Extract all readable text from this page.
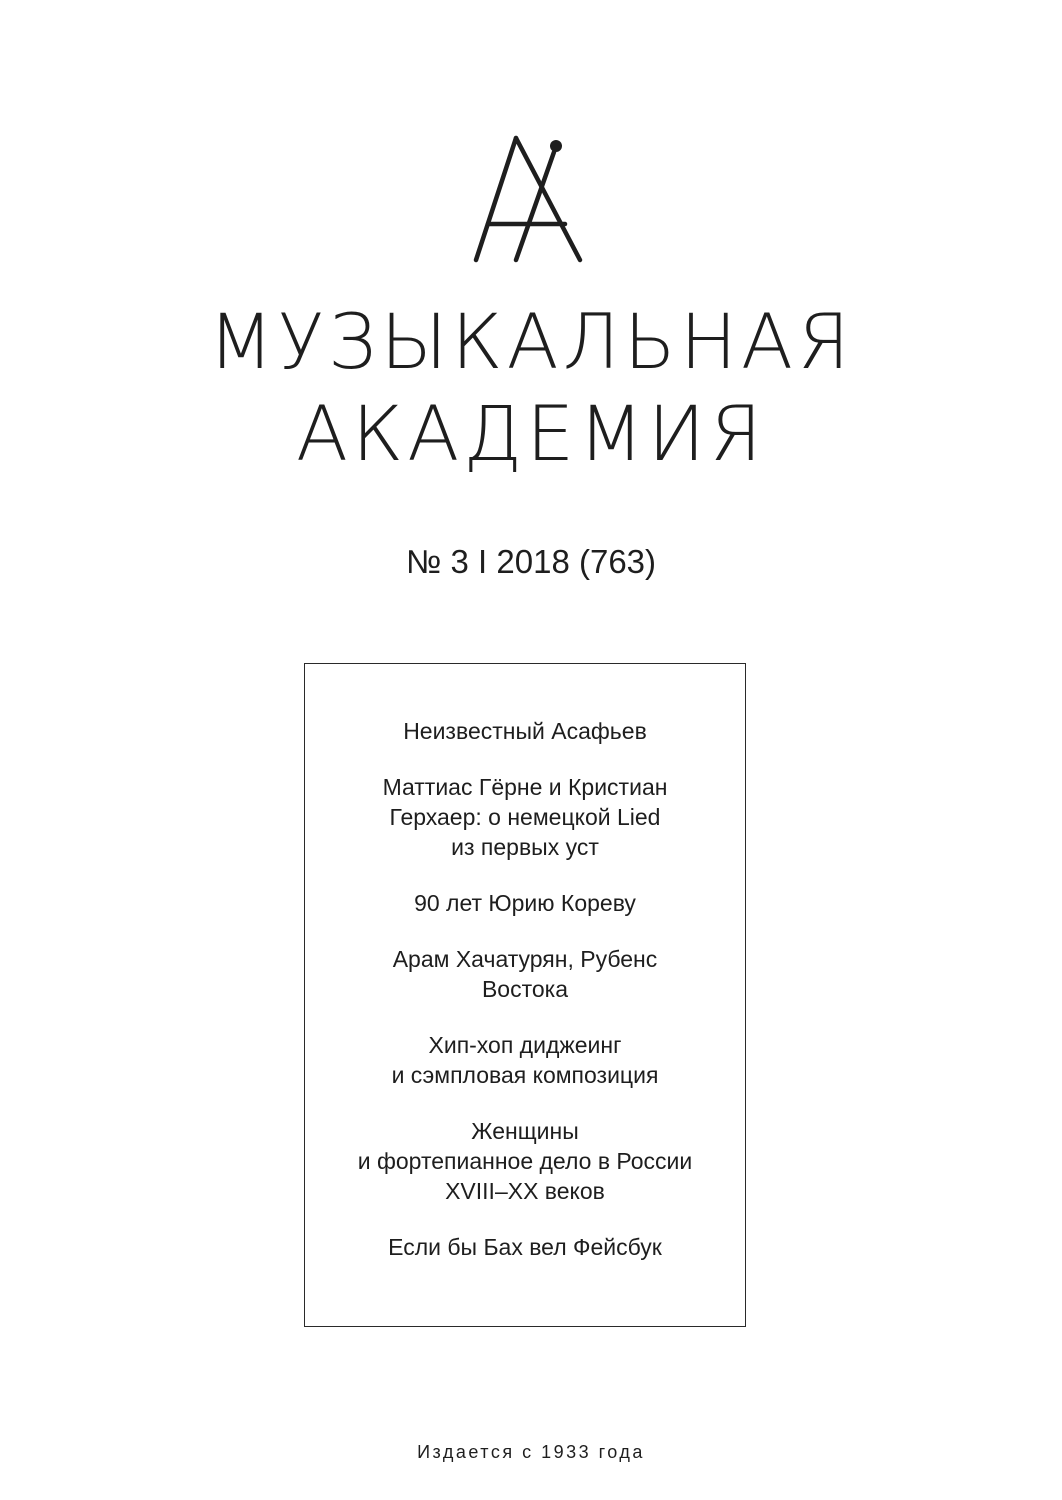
МУЗЫКАЛЬНАЯ
АКАДЕМИЯ
№ 3 I 2018 (763)
Неизвестный Асафьев
Маттиас Гёрне и Кристиан
Герхаер: о немецкой Lied
из первых уст
90 лет Юрию Кореву
Арам Хачатурян, Рубенс
Востока
Хип-хоп диджеинг
и сэмпловая композиция
Женщины
и фортепианное дело в России
XVIII–XX веков
Если бы Бах вел Фейсбук
Издается с 1933 года
